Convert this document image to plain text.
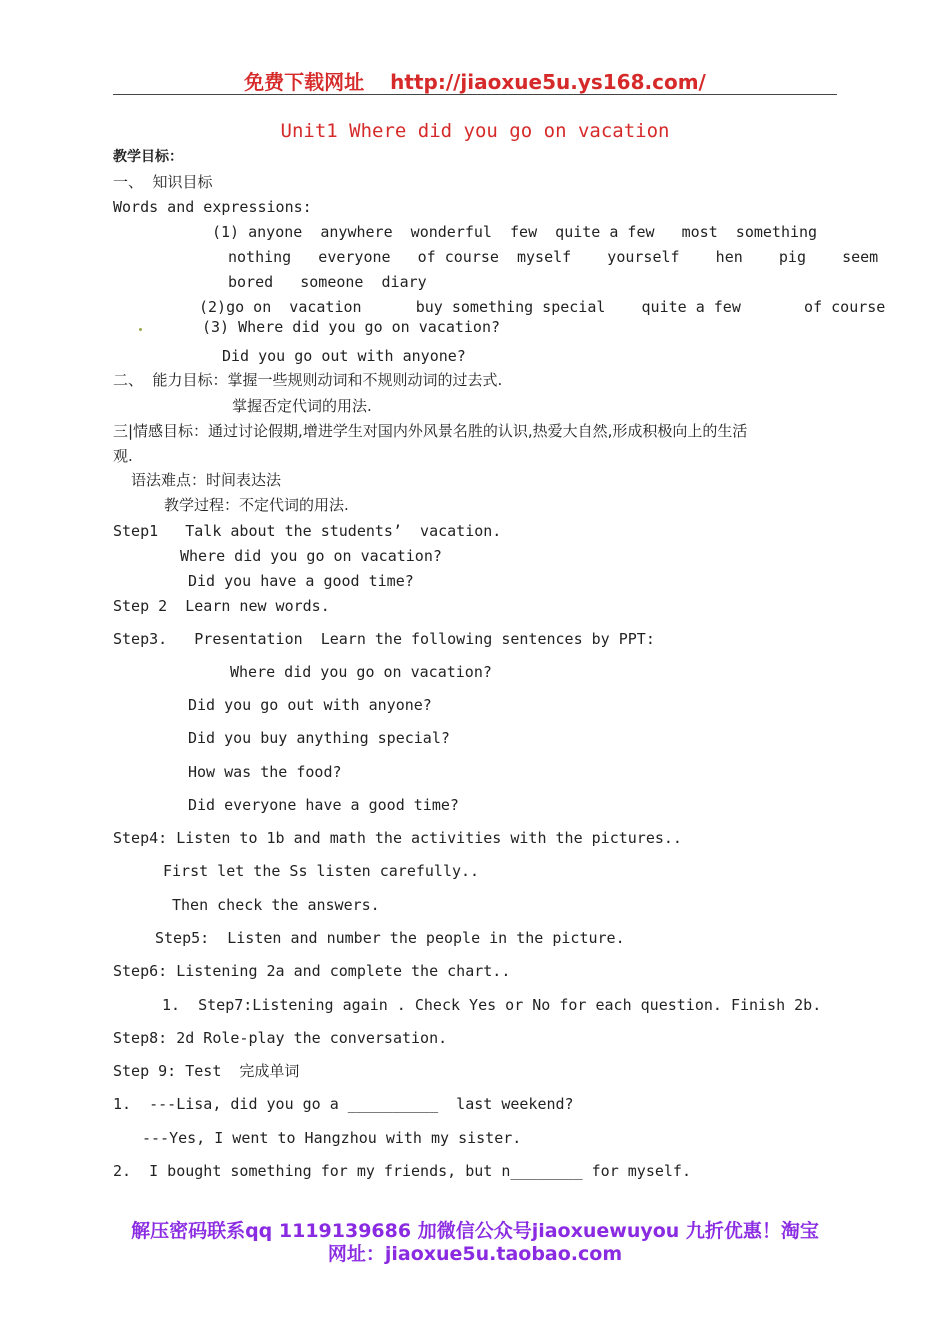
免费下载网址 http://jiaoxue5u.ys168.com/
Unit1 Where did you go on vacation
教学目标：
一、  知识目标
Words and expressions:
(1) anyone  anywhere  wonderful  few  quite a few   most  something
nothing   everyone   of course  myself    yourself    hen    pig    seem
bored   someone  diary
(2)go on  vacation      buy something special    quite a few       of course
(3) Where did you go on vacation?
Did you go out with anyone?
二、  能力目标：掌握一些规则动词和不规则动词的过去式.
掌握否定代词的用法.
三|情感目标：通过讨论假期,增进学生对国内外风景名胜的认识,热爱大自然,形成积极向上的生活
观.
语法难点：时间表达法
教学过程：不定代词的用法.
Step1   Talk about the students’  vacation.
Where did you go on vacation?
Did you have a good time?
Step 2  Learn new words.
Step3.   Presentation  Learn the following sentences by PPT:
Where did you go on vacation?
Did you go out with anyone?
Did you buy anything special?
How was the food?
Did everyone have a good time?
Step4: Listen to 1b and math the activities with the pictures..
First let the Ss listen carefully..
Then check the answers.
Step5:  Listen and number the people in the picture.
Step6: Listening 2a and complete the chart..
1.  Step7:Listening again . Check Yes or No for each question. Finish 2b.
Step8: 2d Role-play the conversation.
Step 9: Test  完成单词
1.  ---Lisa, did you go a __________  last weekend?
---Yes, I went to Hangzhou with my sister.
2.  I bought something for my friends, but n________ for myself.
解压密码联系qq 1119139686 加微信公众号jiaoxuewuyou 九折优惠！淘宝
网址：jiaoxue5u.taobao.com
